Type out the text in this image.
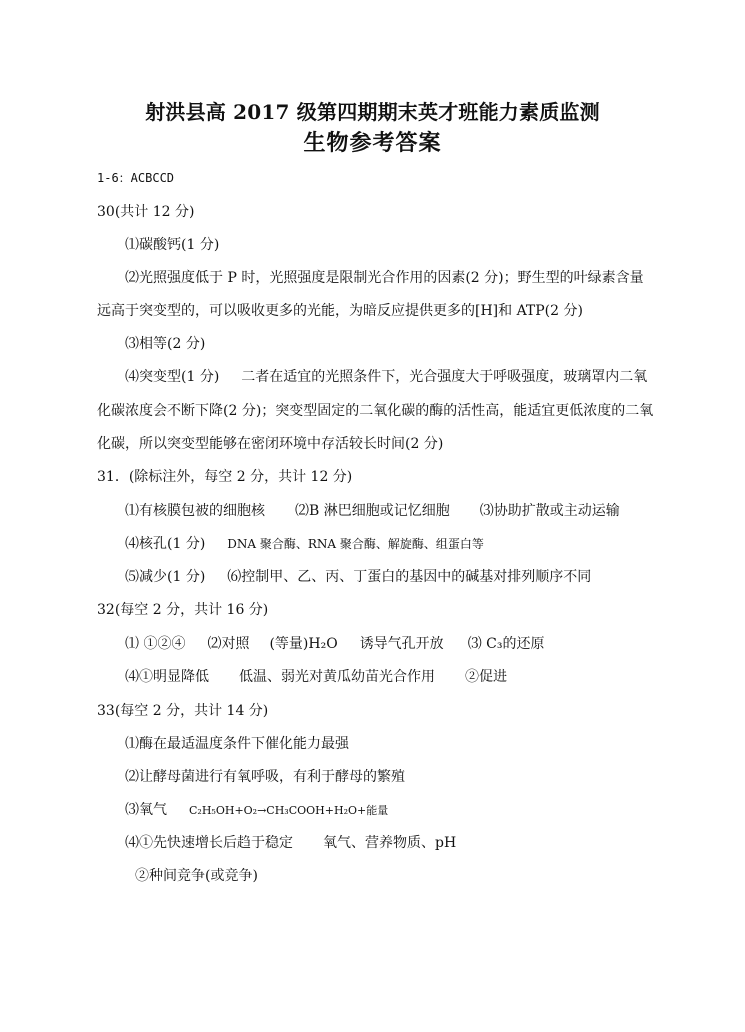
射洪县高 2017 级第四期期末英才班能力素质监测
生物参考答案
1-6：ACBCCD
30(共计 12 分)
⑴碳酸钙(1 分)
⑵光照强度低于 P 时，光照强度是限制光合作用的因素(2 分)；野生型的叶绿素含量
远高于突变型的，可以吸收更多的光能，为暗反应提供更多的[H]和 ATP(2 分)
⑶相等(2 分)
⑷突变型(1 分) 二者在适宜的光照条件下，光合强度大于呼吸强度，玻璃罩内二氧
化碳浓度会不断下降(2 分)；突变型固定的二氧化碳的酶的活性高，能适宜更低浓度的二氧
化碳，所以突变型能够在密闭环境中存活较长时间(2 分)
31．(除标注外，每空 2 分，共计 12 分)
⑴有核膜包被的细胞核 ⑵B 淋巴细胞或记忆细胞 ⑶协助扩散或主动运输
⑷核孔(1 分) DNA 聚合酶、RNA 聚合酶、解旋酶、组蛋白等
⑸减少(1 分) ⑹控制甲、乙、丙、丁蛋白的基因中的碱基对排列顺序不同
32(每空 2 分，共计 16 分)
⑴ ①②④ ⑵对照 (等量)H₂O 诱导气孔开放 ⑶ C₃的还原
⑷①明显降低 低温、弱光对黄瓜幼苗光合作用 ②促进
33(每空 2 分，共计 14 分)
⑴酶在最适温度条件下催化能力最强
⑵让酵母菌进行有氧呼吸，有利于酵母的繁殖
⑶氧气 C₂H₅OH+O₂→CH₃COOH+H₂O+能量
⑷①先快速增长后趋于稳定 氧气、营养物质、pH
②种间竞争(或竞争)
